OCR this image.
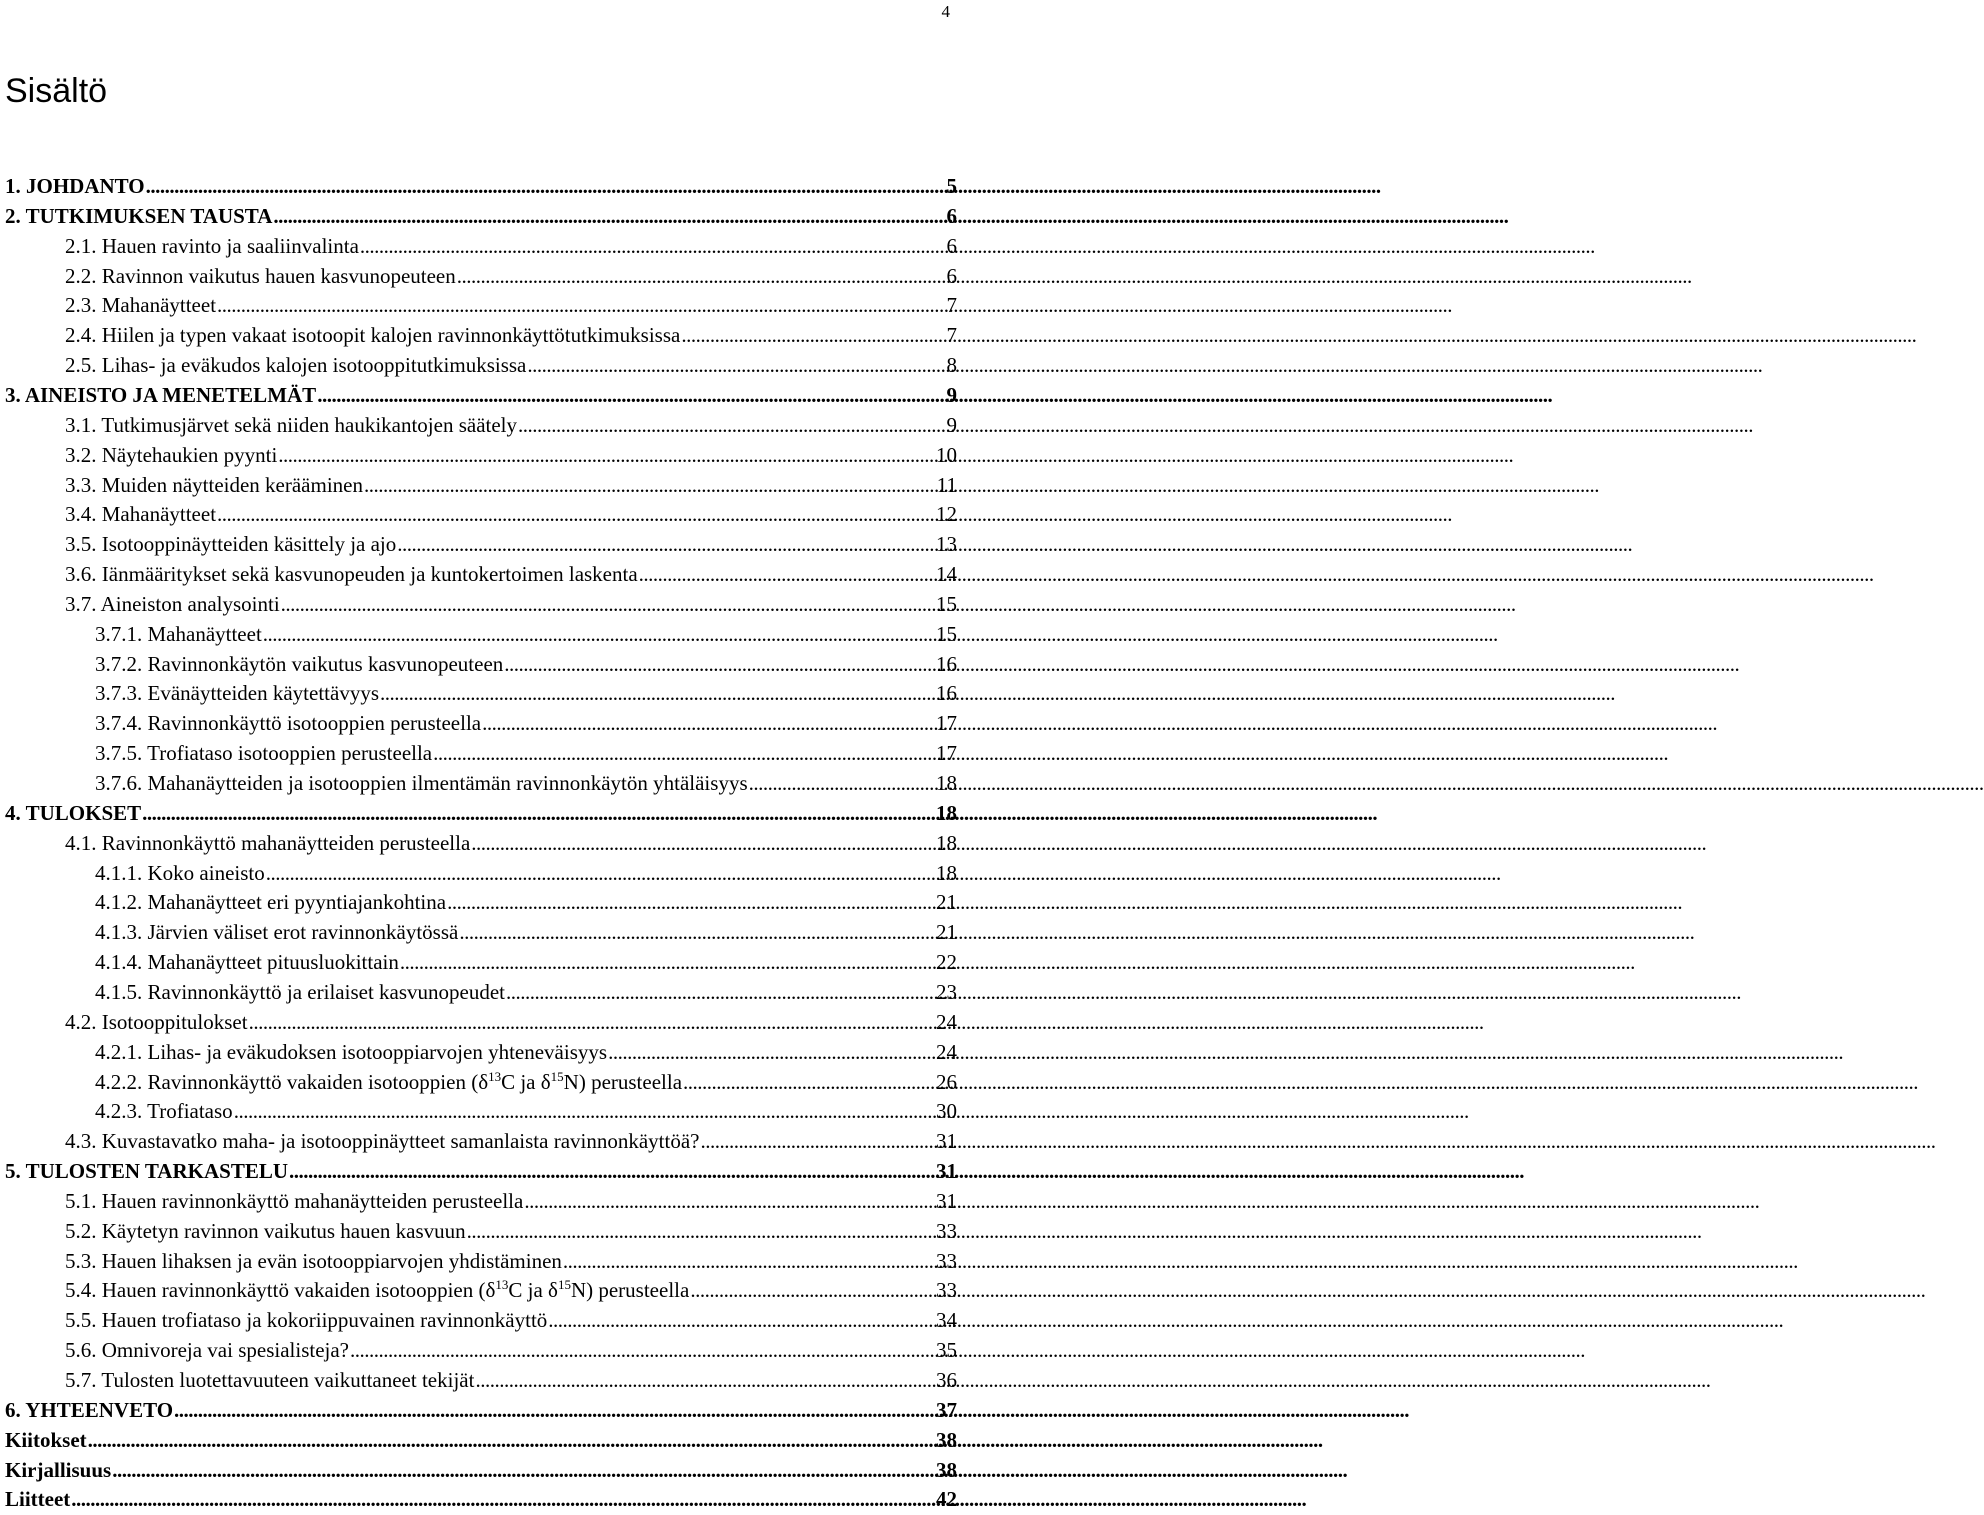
4
Sisältö
1. JOHDANTO .....	5
2. TUTKIMUKSEN TAUSTA .....	6
2.1. Hauen ravinto ja saaliinvalinta .....	6
2.2. Ravinnon vaikutus hauen kasvunopeuteen .....	6
2.3. Mahanäytteet .....	7
2.4. Hiilen ja typen vakaat isotoopit kalojen ravinnonkäyttötutkimuksissa .....	7
2.5. Lihas- ja eväkudos kalojen isotooppitutkimuksissa .....	8
3. AINEISTO JA MENETELMÄT .....	9
3.1. Tutkimusjärvet sekä niiden haukikantojen säätely .....	9
3.2. Näytehaukien pyynti .....	10
3.3. Muiden näytteiden kerääminen .....	11
3.4. Mahanäytteet .....	12
3.5. Isotooppinäytteiden käsittely ja ajo .....	13
3.6. Iänmääritykset sekä kasvunopeuden ja kuntokertoimen laskenta .....	14
3.7. Aineiston analysointi .....	15
3.7.1. Mahanäytteet .....	15
3.7.2. Ravinnonkäytön vaikutus kasvunopeuteen .....	16
3.7.3. Evänäytteiden käytettävyys .....	16
3.7.4. Ravinnonkäyttö isotooppien perusteella .....	17
3.7.5. Trofiataso isotooppien perusteella .....	17
3.7.6. Mahanäytteiden ja isotooppien ilmentämän ravinnonkäytön yhtäläisyys .....	18
4. TULOKSET .....	18
4.1. Ravinnonkäyttö mahanäytteiden perusteella .....	18
4.1.1. Koko aineisto .....	18
4.1.2. Mahanäytteet eri pyyntiajankohtina .....	21
4.1.3. Järvien väliset erot ravinnonkäytössä .....	21
4.1.4. Mahanäytteet pituusluokittain .....	22
4.1.5. Ravinnonkäyttö ja erilaiset kasvunopeudet .....	23
4.2. Isotooppitulokset .....	24
4.2.1. Lihas- ja eväkudoksen isotooppiarvojen yhteneväisyys .....	24
4.2.2. Ravinnonkäyttö vakaiden isotooppien ($\delta^{13}C$ ja $\delta^{15}N$) perusteella .....	26
4.2.3. Trofiataso .....	30
4.3. Kuvastavatko maha- ja isotooppinäytteet samanlaista ravinnonkäyttöä? .....	31
5. TULOSTEN TARKASTELU .....	31
5.1. Hauen ravinnonkäyttö mahanäytteiden perusteella .....	31
5.2. Käytetyn ravinnon vaikutus hauen kasvuun .....	33
5.3. Hauen lihaksen ja evän isotooppiarvojen yhdistäminen .....	33
5.4. Hauen ravinnonkäyttö vakaiden isotooppien ($\delta^{13}C$ ja $\delta^{15}N$) perusteella .....	33
5.5. Hauen trofiataso ja kokoriippuvainen ravinnonkäyttö .....	34
5.6. Omnivoreja vai spesialisteja? .....	35
5.7. Tulosten luotettavuuteen vaikuttaneet tekijät .....	36
6. YHTEENVETO .....	37
Kiitokset .....	38
Kirjallisuus .....	38
Liitteet .....	42
